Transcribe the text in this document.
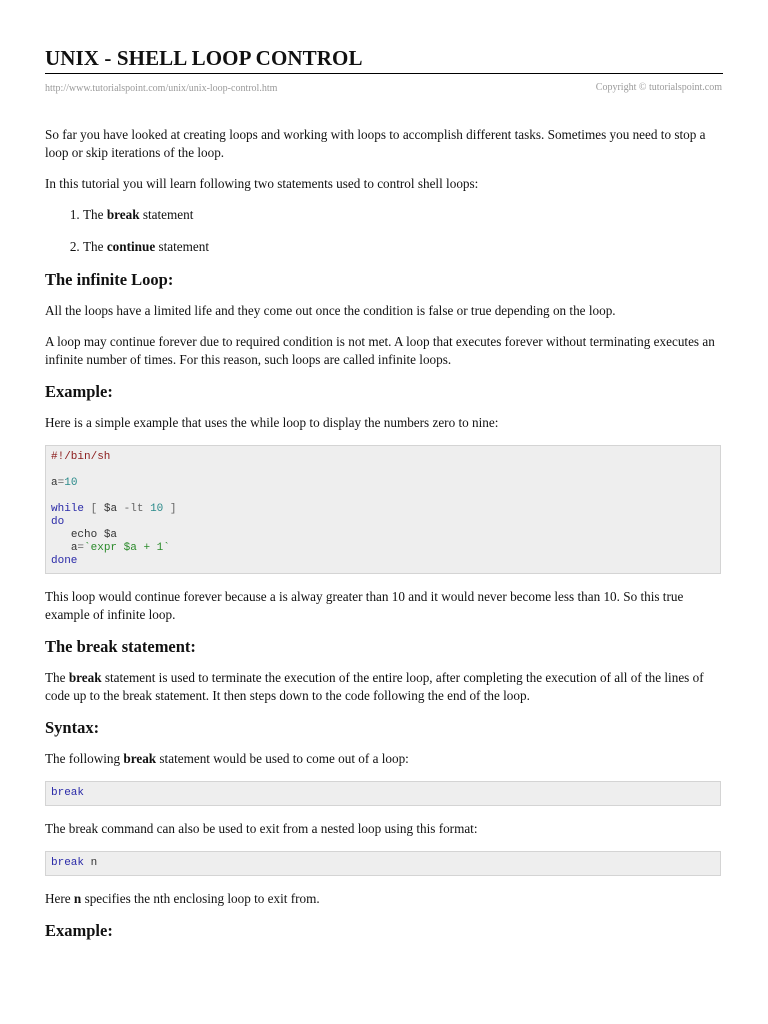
UNIX - SHELL LOOP CONTROL
http://www.tutorialspoint.com/unix/unix-loop-control.htm	Copyright © tutorialspoint.com

So far you have looked at creating loops and working with loops to accomplish different tasks. Sometimes you need to stop a loop or skip iterations of the loop.

In this tutorial you will learn following two statements used to control shell loops:

1. The break statement
2. The continue statement
The infinite Loop:

All the loops have a limited life and they come out once the condition is false or true depending on the loop.

A loop may continue forever due to required condition is not met. A loop that executes forever without terminating executes an infinite number of times. For this reason, such loops are called infinite loops.

Example:

Here is a simple example that uses the while loop to display the numbers zero to nine:

#!/bin/sh

a=10

while [ $a -lt 10 ]
do
echo $a
a=`expr $a + 1`
done

This loop would continue forever because a is alway greater than 10 and it would never become less than 10. So this true example of infinite loop.

The break statement:

The break statement is used to terminate the execution of the entire loop, after completing the execution of all of the lines of code up to the break statement. It then steps down to the code following the end of the loop.

Syntax:

The following break statement would be used to come out of a loop:

break

The break command can also be used to exit from a nested loop using this format:

break n

Here n specifies the nth enclosing loop to exit from.

Example:
